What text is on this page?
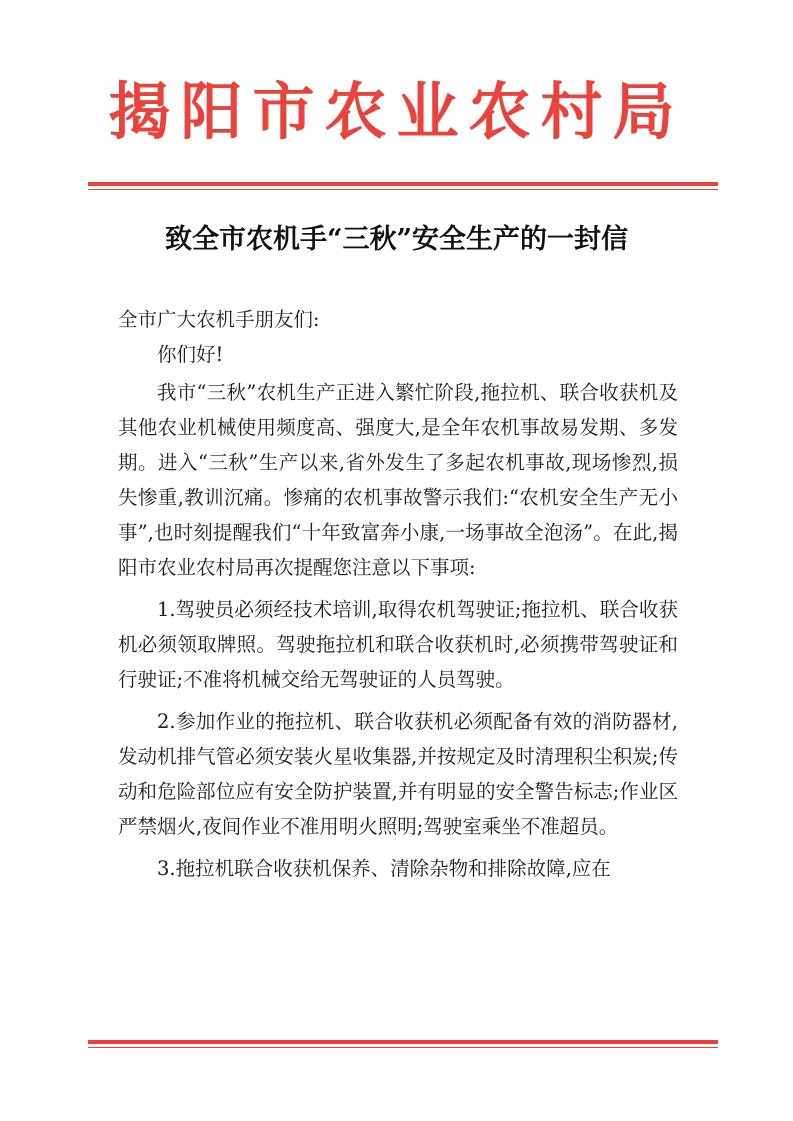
揭阳市农业农村局
致全市农机手“三秋”安全生产的一封信

全市广大农机手朋友们:

你们好!

我市“三秋”农机生产正进入繁忙阶段,拖拉机、联合收获机及其他农业机械使用频度高、强度大,是全年农机事故易发期、多发期。进入“三秋”生产以来,省外发生了多起农机事故,现场惨烈,损失惨重,教训沉痛。惨痛的农机事故警示我们:“农机安全生产无小事”,也时刻提醒我们“十年致富奔小康,一场事故全泡汤”。在此,揭阳市农业农村局再次提醒您注意以下事项:

1.驾驶员必须经技术培训,取得农机驾驶证;拖拉机、联合收获机必须领取牌照。驾驶拖拉机和联合收获机时,必须携带驾驶证和行驶证;不准将机械交给无驾驶证的人员驾驶。

2.参加作业的拖拉机、联合收获机必须配备有效的消防器材,发动机排气管必须安装火星收集器,并按规定及时清理积尘积炭;传动和危险部位应有安全防护装置,并有明显的安全警告标志;作业区严禁烟火,夜间作业不准用明火照明;驾驶室乘坐不准超员。

3.拖拉机联合收获机保养、清除杂物和排除故障,应在
